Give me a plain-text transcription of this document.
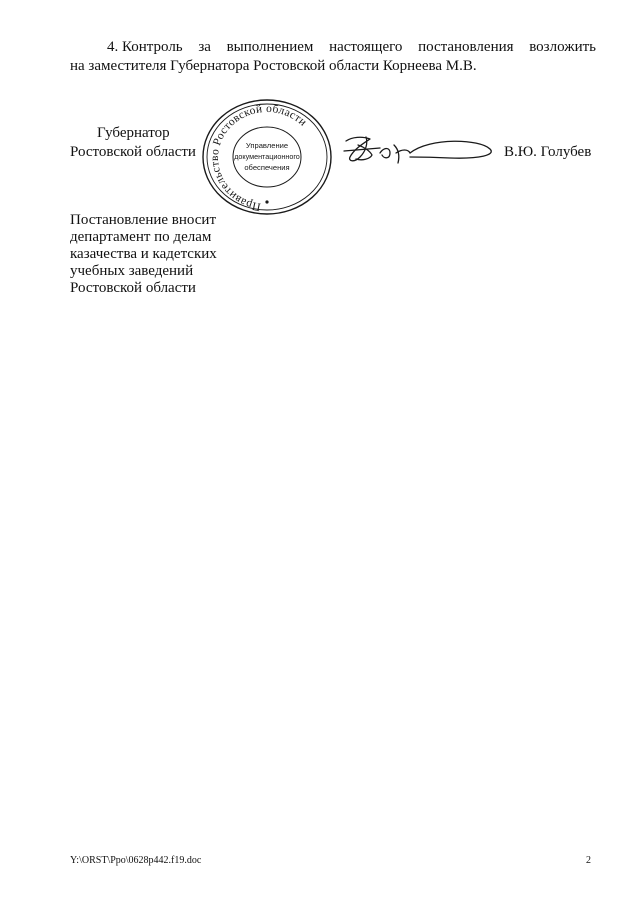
4. Контроль за выполнением настоящего постановления возложить
на заместителя Губернатора Ростовской области Корнеева М.В.
Губернатор
Ростовской области
Правительство Ростовской области
Управление
документационного
обеспечения
В.Ю. Голубев
Постановление вносит
департамент по делам
казачества и кадетских
учебных заведений
Ростовской области
Y:\ORST\Ppo\0628p442.f19.doc	2
